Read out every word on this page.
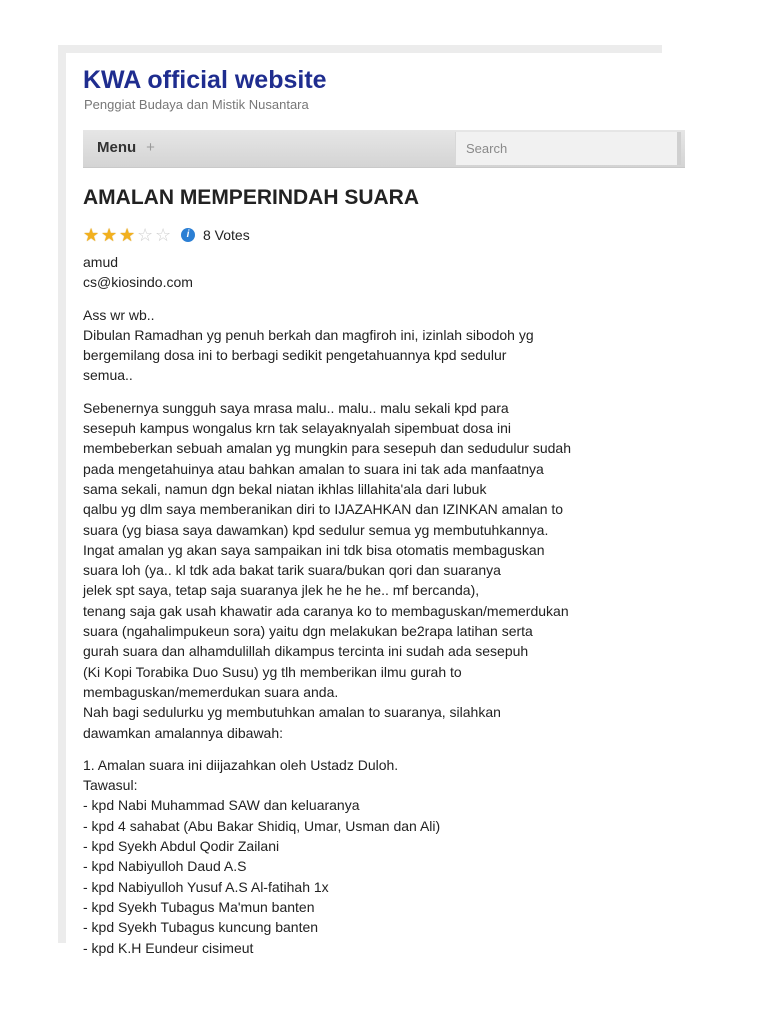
KWA official website
Penggiat Budaya dan Mistik Nusantara
Menu +
Search
AMALAN MEMPERINDAH SUARA
★ ★ ★ ☆ ☆	i 8 Votes
amud
cs@kiosindo.com

Ass wr wb..
Dibulan Ramadhan yg penuh berkah dan magfiroh ini, izinlah sibodoh yg
bergemilang dosa ini to berbagi sedikit pengetahuannya kpd sedulur
semua..

Sebenernya sungguh saya mrasa malu.. malu.. malu sekali kpd para
sesepuh kampus wongalus krn tak selayaknyalah sipembuat dosa ini
membeberkan sebuah amalan yg mungkin para sesepuh dan sedudulur sudah
pada mengetahuinya atau bahkan amalan to suara ini tak ada manfaatnya
sama sekali, namun dgn bekal niatan ikhlas lillahita'ala dari lubuk
qalbu yg dlm saya memberanikan diri to IJAZAHKAN dan IZINKAN amalan to
suara (yg biasa saya dawamkan) kpd sedulur semua yg membutuhkannya.
Ingat amalan yg akan saya sampaikan ini tdk bisa otomatis membaguskan
suara loh (ya.. kl tdk ada bakat tarik suara/bukan qori dan suaranya
jelek spt saya, tetap saja suaranya jlek he he he.. mf bercanda),
tenang saja gak usah khawatir ada caranya ko to membaguskan/memerdukan
suara (ngahalimpukeun sora) yaitu dgn melakukan be2rapa latihan serta
gurah suara dan alhamdulillah dikampus tercinta ini sudah ada sesepuh
(Ki Kopi Torabika Duo Susu) yg tlh memberikan ilmu gurah to
membaguskan/memerdukan suara anda.
Nah bagi sedulurku yg membutuhkan amalan to suaranya, silahkan
dawamkan amalannya dibawah:

1. Amalan suara ini diijazahkan oleh Ustadz Duloh.
Tawasul:
- kpd Nabi Muhammad SAW dan keluaranya
- kpd 4 sahabat (Abu Bakar Shidiq, Umar, Usman dan Ali)
- kpd Syekh Abdul Qodir Zailani
- kpd Nabiyulloh Daud A.S
- kpd Nabiyulloh Yusuf A.S Al-fatihah 1x
- kpd Syekh Tubagus Ma'mun banten
- kpd Syekh Tubagus kuncung banten
- kpd K.H Eundeur cisimeut
